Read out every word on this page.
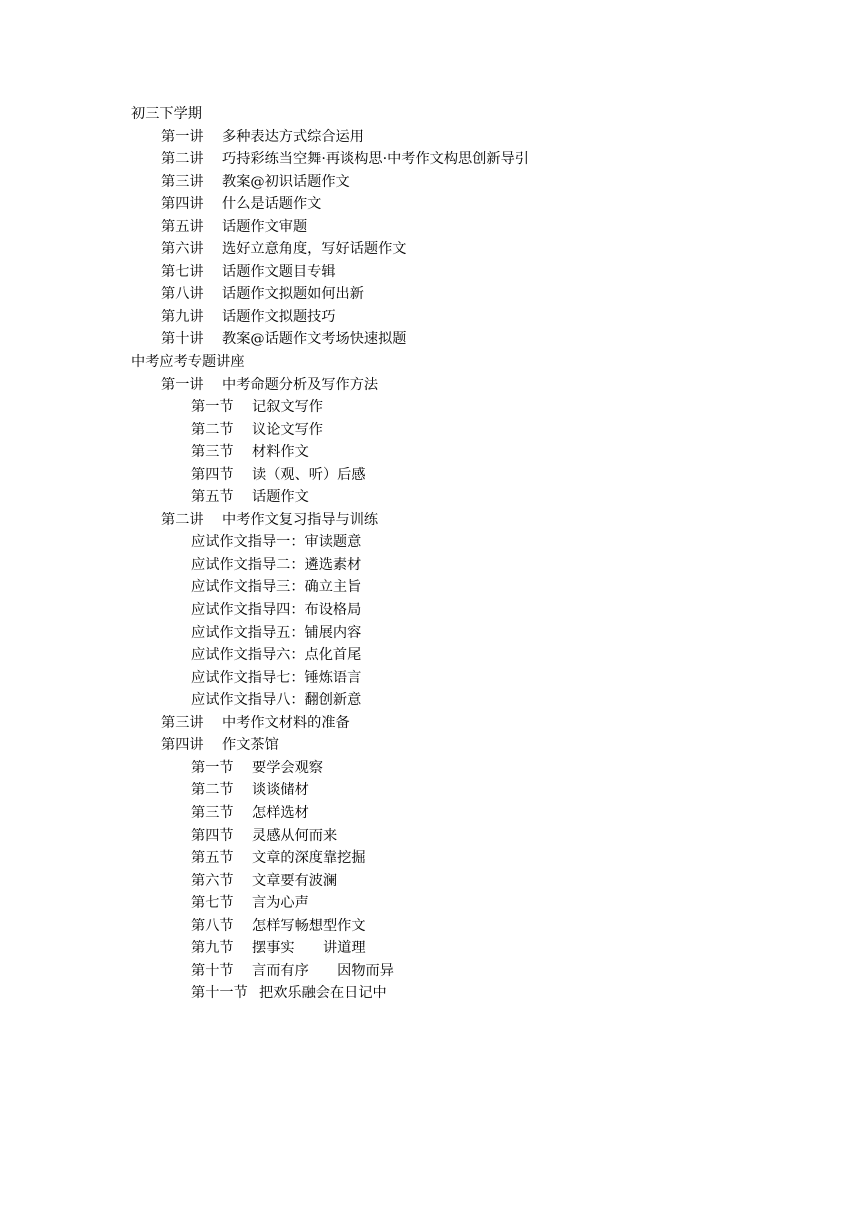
初三下学期
第一讲 多种表达方式综合运用
第二讲 巧持彩练当空舞·再谈构思·中考作文构思创新导引
第三讲 教案@初识话题作文
第四讲 什么是话题作文
第五讲 话题作文审题
第六讲 选好立意角度，写好话题作文
第七讲 话题作文题目专辑
第八讲 话题作文拟题如何出新
第九讲 话题作文拟题技巧
第十讲 教案@话题作文考场快速拟题
中考应考专题讲座
第一讲 中考命题分析及写作方法
第一节 记叙文写作
第二节 议论文写作
第三节 材料作文
第四节 读（观、听）后感
第五节 话题作文
第二讲 中考作文复习指导与训练
应试作文指导一：审读题意
应试作文指导二：遴选素材
应试作文指导三：确立主旨
应试作文指导四：布设格局
应试作文指导五：铺展内容
应试作文指导六：点化首尾
应试作文指导七：锤炼语言
应试作文指导八：翻创新意
第三讲 中考作文材料的准备
第四讲 作文茶馆
第一节 要学会观察
第二节 谈谈储材
第三节 怎样选材
第四节 灵感从何而来
第五节 文章的深度靠挖掘
第六节 文章要有波澜
第七节 言为心声
第八节 怎样写畅想型作文
第九节 摆事实　　讲道理
第十节 言而有序　　因物而异
第十一节 把欢乐融会在日记中
